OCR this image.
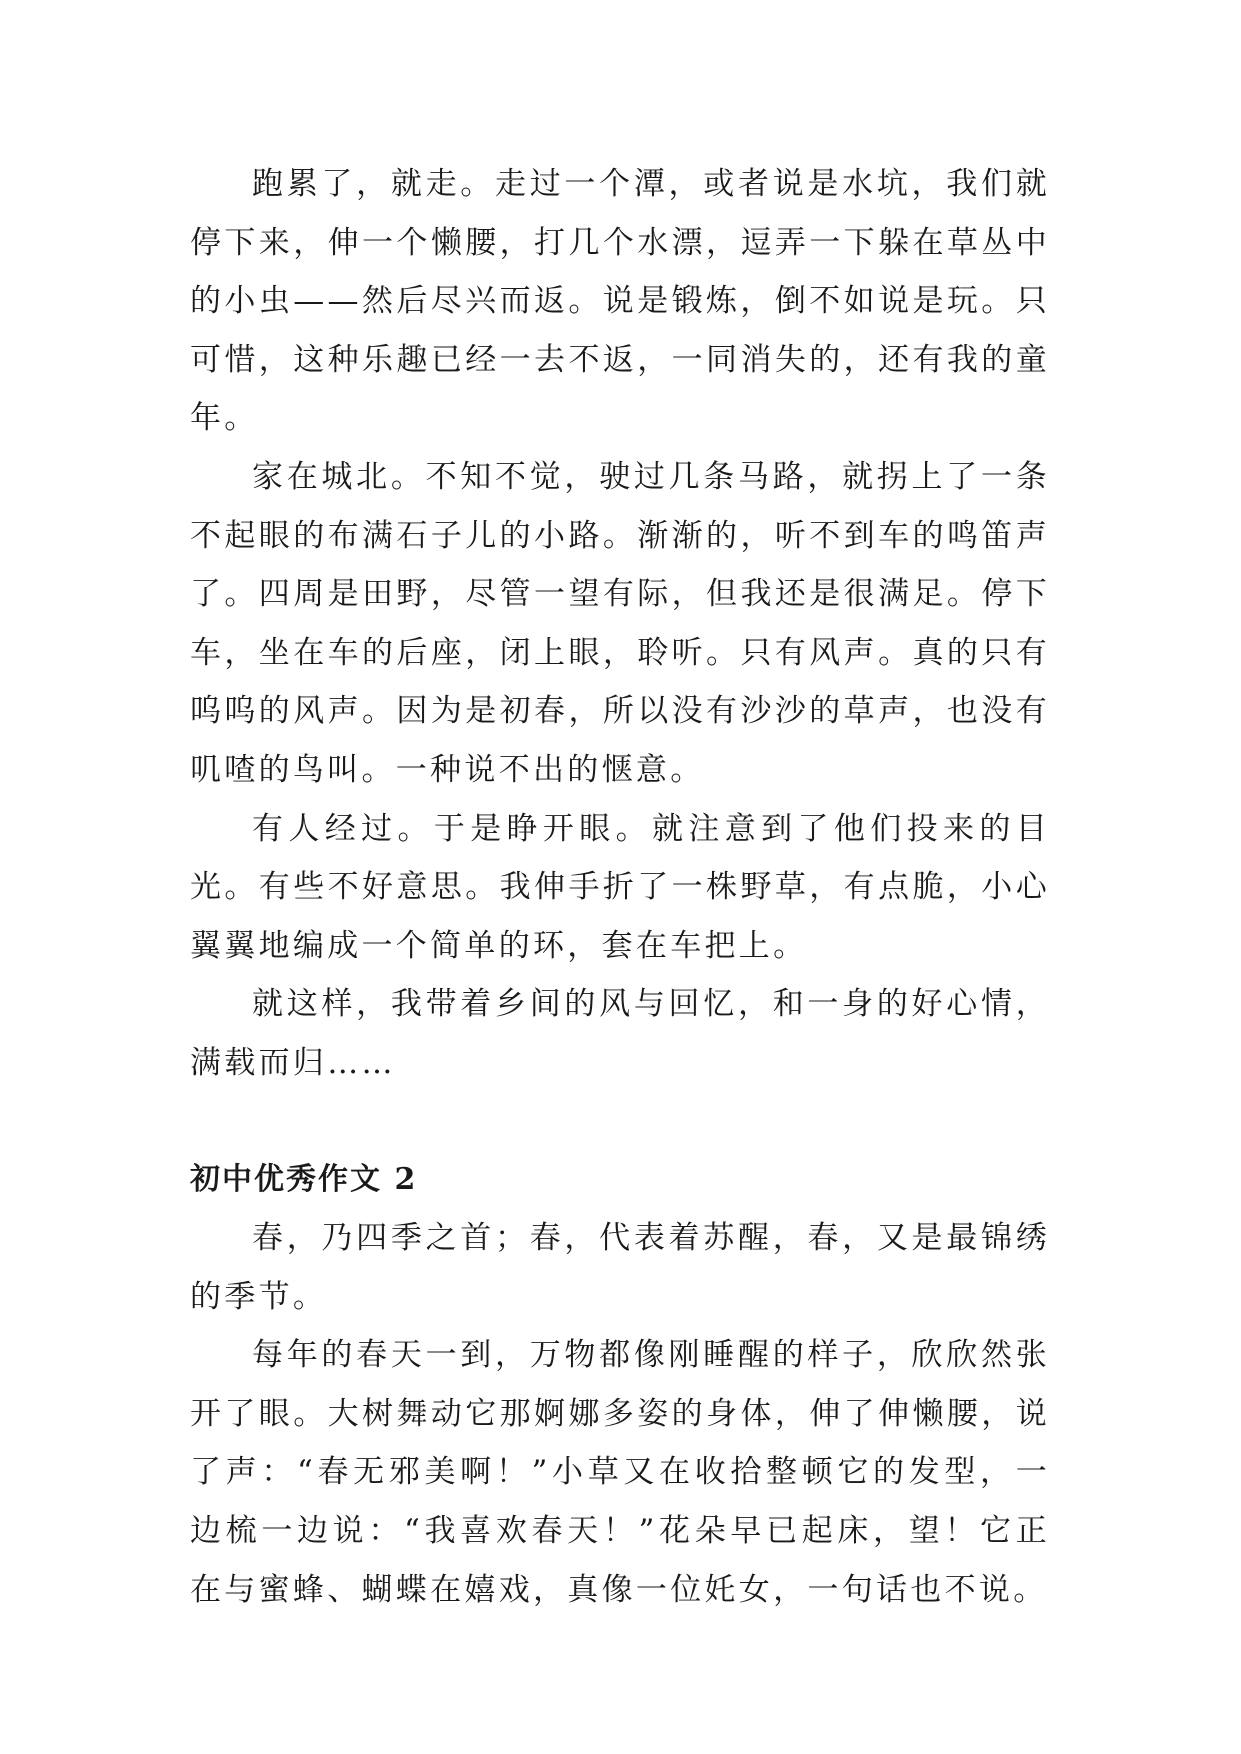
跑累了，就走。走过一个潭，或者说是水坑，我们就停下来，伸一个懒腰，打几个水漂，逗弄一下躲在草丛中的小虫——然后尽兴而返。说是锻炼，倒不如说是玩。只可惜，这种乐趣已经一去不返，一同消失的，还有我的童年。

家在城北。不知不觉，驶过几条马路，就拐上了一条不起眼的布满石子儿的小路。渐渐的，听不到车的鸣笛声了。四周是田野，尽管一望有际，但我还是很满足。停下车，坐在车的后座，闭上眼，聆听。只有风声。真的只有呜呜的风声。因为是初春，所以没有沙沙的草声，也没有叽喳的鸟叫。一种说不出的惬意。

有人经过。于是睁开眼。就注意到了他们投来的目光。有些不好意思。我伸手折了一株野草，有点脆，小心翼翼地编成一个简单的环，套在车把上。

就这样，我带着乡间的风与回忆，和一身的好心情，满载而归……

初中优秀作文 2

春，乃四季之首；春，代表着苏醒，春，又是最锦绣的季节。

每年的春天一到，万物都像刚睡醒的样子，欣欣然张开了眼。大树舞动它那婀娜多姿的身体，伸了伸懒腰，说了声：“春无邪美啊！”小草又在收拾整顿它的发型，一边梳一边说：“我喜欢春天！”花朵早已起床，望！它正在与蜜蜂、蝴蝶在嬉戏，真像一位奼女，一句话也不说。
